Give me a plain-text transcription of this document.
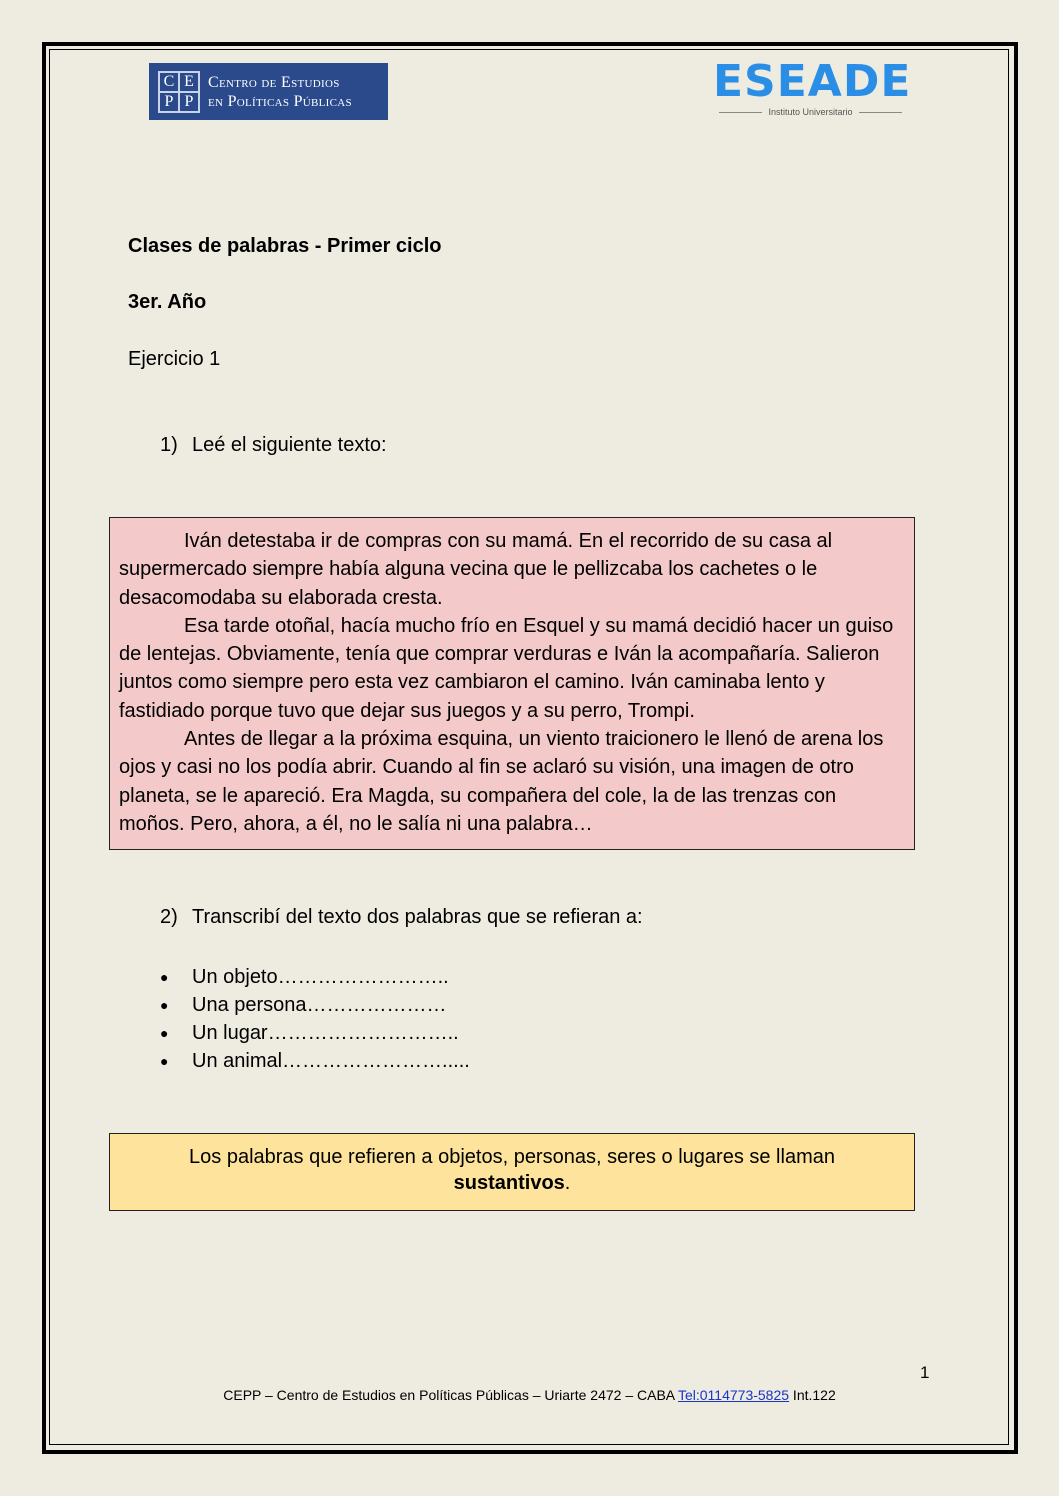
C E
P P
Centro de Estudios
en Políticas Públicas	ESEADE
Instituto Universitario
Clases de palabras - Primer ciclo
3er. Año
Ejercicio 1
1) Leé el siguiente texto:

Iván detestaba ir de compras con su mamá. En el recorrido de su casa al supermercado siempre había alguna vecina que le pellizcaba los cachetes o le desacomodaba su elaborada cresta.

Esa tarde otoñal, hacía mucho frío en Esquel y su mamá decidió hacer un guiso de lentejas. Obviamente, tenía que comprar verduras e Iván la acompañaría. Salieron juntos como siempre pero esta vez cambiaron el camino. Iván caminaba lento y fastidiado porque tuvo que dejar sus juegos y a su perro, Trompi.

Antes de llegar a la próxima esquina, un viento traicionero le llenó de arena los ojos y casi no los podía abrir. Cuando al fin se aclaró su visión, una imagen de otro planeta, se le apareció. Era Magda, su compañera del cole, la de las trenzas con moños. Pero, ahora, a él, no le salía ni una palabra…

2) Transcribí del texto dos palabras que se refieran a:
●	Un objeto……………………..
●	Una persona…………………
●	Un lugar………………………..
●	Un animal…………………….....
Los palabras que refieren a objetos, personas, seres o lugares se llaman
sustantivos.
1
CEPP – Centro de Estudios en Políticas Públicas – Uriarte 2472 – CABA Tel:0114773-5825 Int.122
